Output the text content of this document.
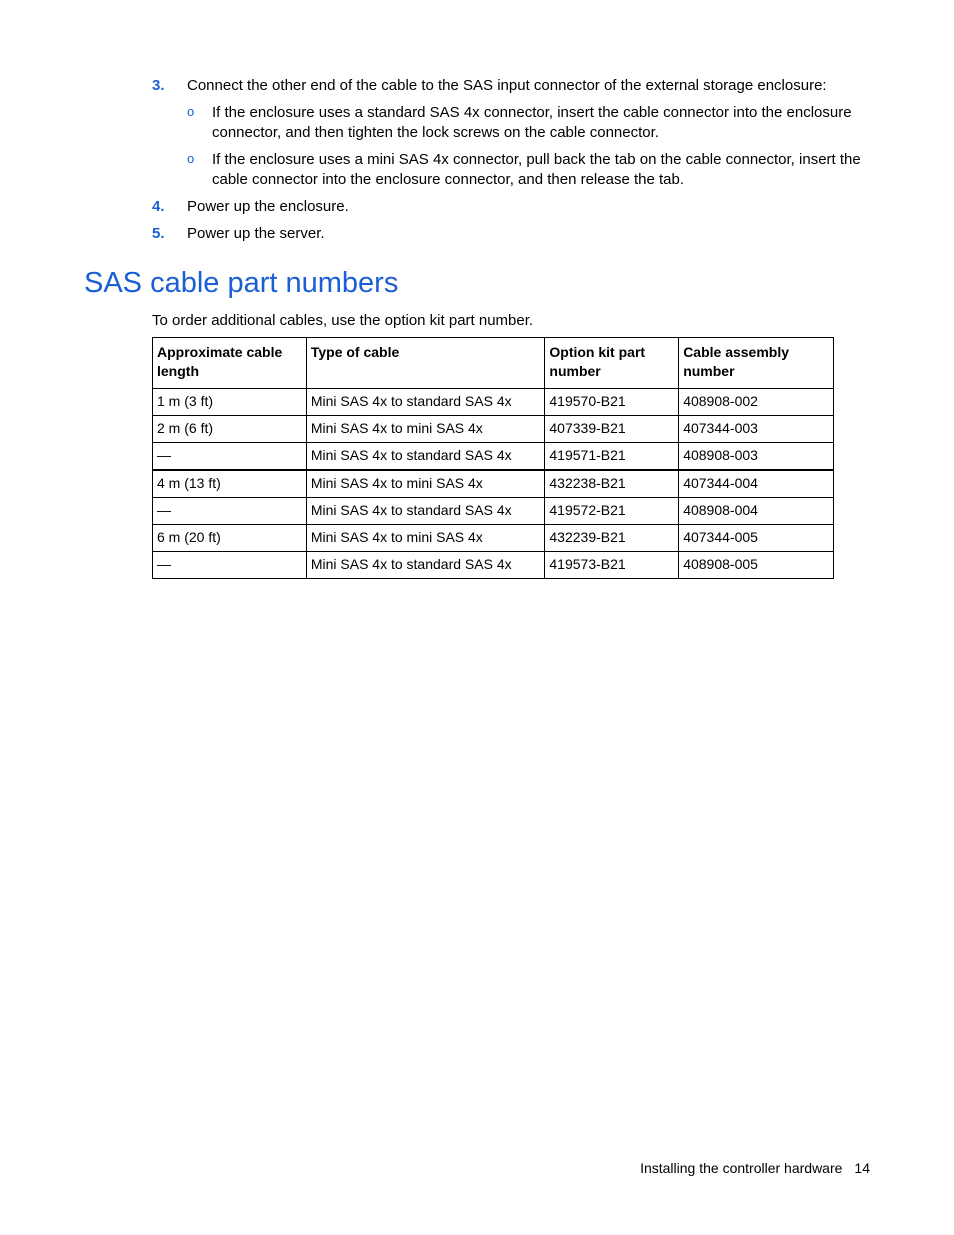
3. Connect the other end of the cable to the SAS input connector of the external storage enclosure:
o If the enclosure uses a standard SAS 4x connector, insert the cable connector into the enclosure connector, and then tighten the lock screws on the cable connector.
o If the enclosure uses a mini SAS 4x connector, pull back the tab on the cable connector, insert the cable connector into the enclosure connector, and then release the tab.
4. Power up the enclosure.
5. Power up the server.
SAS cable part numbers
To order additional cables, use the option kit part number.
Approximate cable length	Type of cable	Option kit part number	Cable assembly number
1 m (3 ft)	Mini SAS 4x to standard SAS 4x	419570-B21	408908-002
2 m (6 ft)	Mini SAS 4x to mini SAS 4x	407339-B21	407344-003
—	Mini SAS 4x to standard SAS 4x	419571-B21	408908-003
4 m (13 ft)	Mini SAS 4x to mini SAS 4x	432238-B21	407344-004
—	Mini SAS 4x to standard SAS 4x	419572-B21	408908-004
6 m (20 ft)	Mini SAS 4x to mini SAS 4x	432239-B21	407344-005
—	Mini SAS 4x to standard SAS 4x	419573-B21	408908-005
Installing the controller hardware 14
